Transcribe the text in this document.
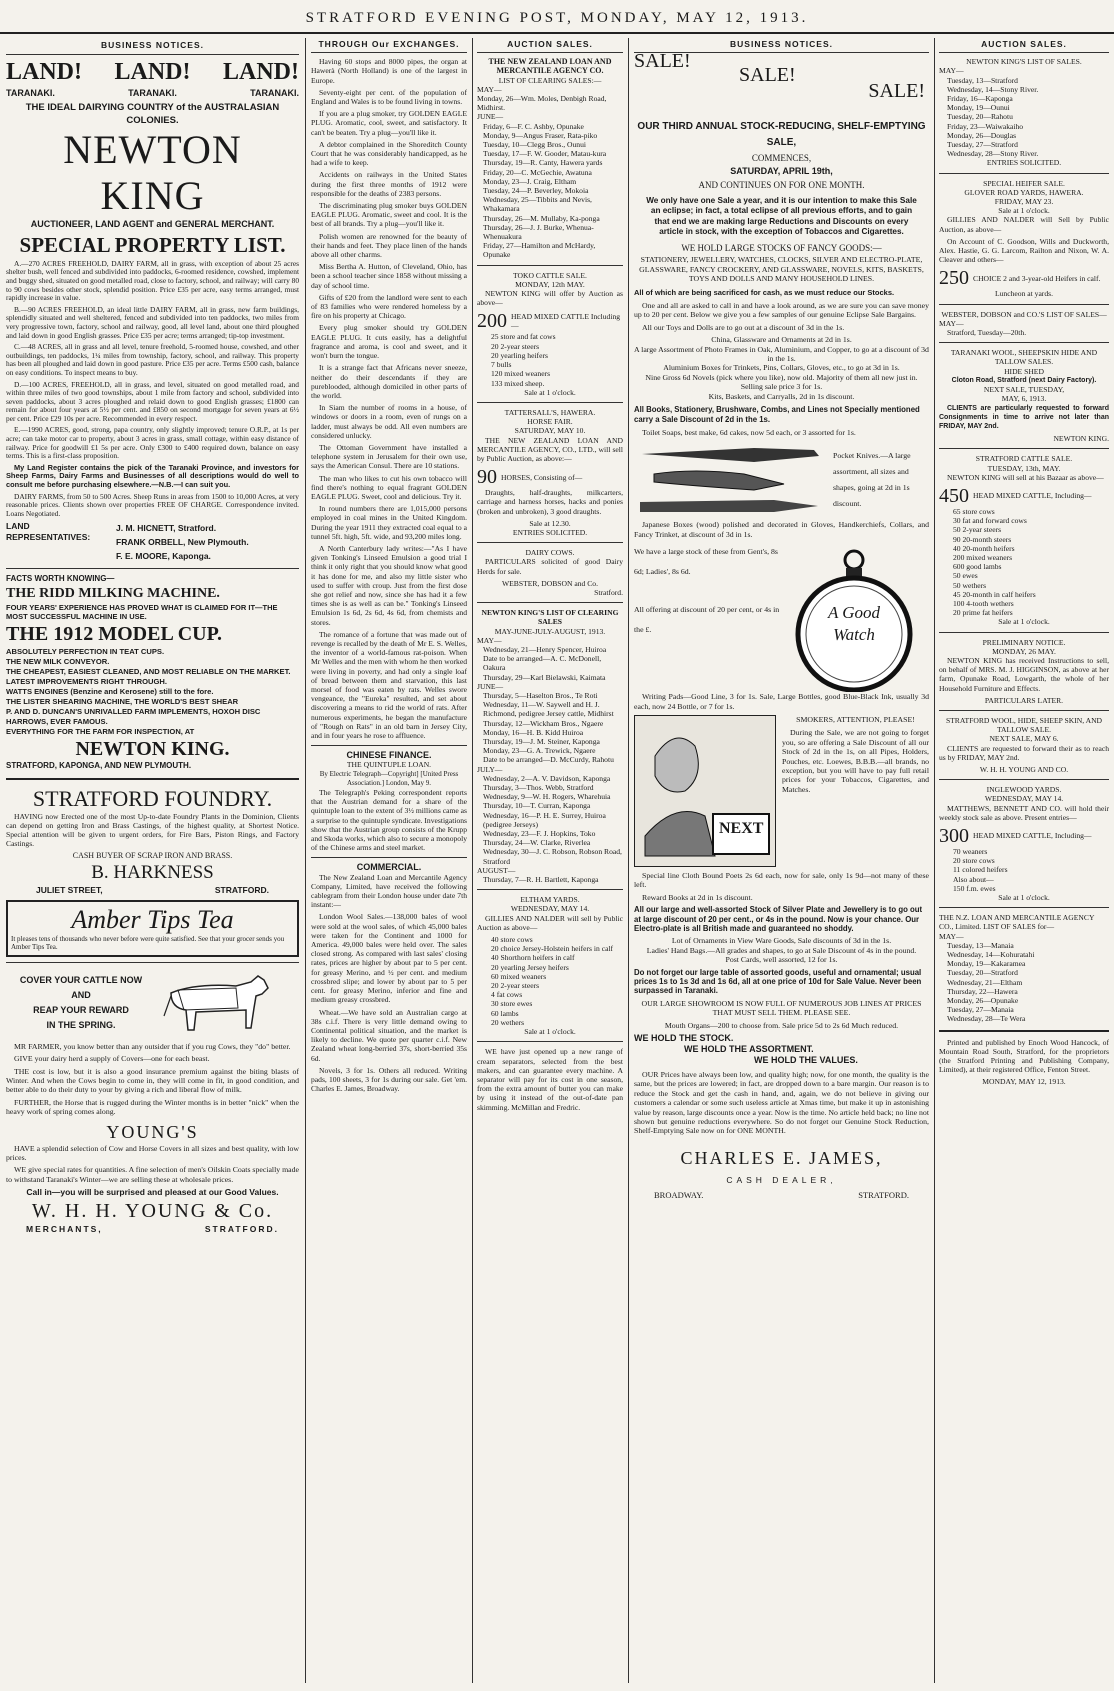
STRATFORD EVENING POST, MONDAY, MAY 12, 1913.
BUSINESS NOTICES.
LAND! LAND! LAND!
TARANAKI.	TARANAKI.	TARANAKI.
THE IDEAL DAIRYING COUNTRY of the AUSTRALASIAN COLONIES.
NEWTON KING
AUCTIONEER, LAND AGENT and GENERAL MERCHANT.
SPECIAL PROPERTY LIST.

A.—270 ACRES FREEHOLD, DAIRY FARM, all in grass, with exception of about 25 acres shelter bush, well fenced and subdivided into paddocks, 6-roomed residence, cowshed, implement and buggy shed, situated on good metalled road, close to factory, school, and railway; will carry 80 to 90 cows besides other stock, splendid position. Price £35 per acre, easy terms arranged, must rapidly increase in value.

B.—90 ACRES FREEHOLD, an ideal little DAIRY FARM, all in grass, new farm buildings, splendidly situated and well sheltered, fenced and subdivided into ten paddocks, two miles from very progressive town, factory, school and railway, good, all level land, about one third ploughed and laid down in good English grasses. Price £35 per acre; terms arranged; tip-top investment.

C.—48 ACRES, all in grass and all level, tenure freehold, 5-roomed house, cowshed, and other outbuildings, ten paddocks, 1¼ miles from township, factory, school, and railway. This property has been all ploughed and laid down in good pasture. Price £35 per acre. Terms £500 cash, balance on easy conditions. To inspect means to buy.

D.—100 ACRES, FREEHOLD, all in grass, and level, situated on good metalled road, and within three miles of two good townships, about 1 mile from factory and school, subdivided into seven paddocks, about 3 acres ploughed and relaid down to good English grasses; £1800 can remain for about four years at 5½ per cent. and £850 on second mortgage for seven years at 6½ per cent. Price £29 10s per acre. Recommended in every respect.

E.—1990 ACRES, good, strong, papa country, only slightly improved; tenure O.R.P., at 1s per acre; can take motor car to property, about 3 acres in grass, small cottage, within easy distance of railway. Price for goodwill £1 5s per acre. Only £300 to £400 required down, balance on easy terms. This is a first-class proposition.

My Land Register contains the pick of the Taranaki Province, and investors for Sheep Farms, Dairy Farms and Businesses of all descriptions would do well to consult me before purchasing elsewhere.—N.B.—I can suit you.

DAIRY FARMS, from 50 to 500 Acres. Sheep Runs in areas from 1500 to 10,000 Acres, at very reasonable prices. Clients shown over properties FREE OF CHARGE. Correspondence invited. Loans Negotiated.

LAND REPRESENTATIVES:
J. M. HICNETT, Stratford.
FRANK ORBELL, New Plymouth.
F. E. MOORE, Kaponga.
FACTS WORTH KNOWING—
THE RIDD MILKING MACHINE.
FOUR YEARS' EXPERIENCE HAS PROVED WHAT IS CLAIMED FOR IT—THE MOST SUCCESSFUL MACHINE IN USE.
THE 1912 MODEL CUP.
ABSOLUTELY PERFECTION IN TEAT CUPS.
THE NEW MILK CONVEYOR.
THE CHEAPEST, EASIEST CLEANED, AND MOST RELIABLE ON THE MARKET.
LATEST IMPROVEMENTS RIGHT THROUGH.
WATTS ENGINES (Benzine and Kerosene) still to the fore.
THE LISTER SHEARING MACHINE, THE WORLD'S BEST SHEAR
P. AND D. DUNCAN'S UNRIVALLED FARM IMPLEMENTS, HOXOH DISC HARROWS, EVER FAMOUS.
EVERYTHING FOR THE FARM FOR INSPECTION, AT
NEWTON KING.
STRATFORD, KAPONGA, AND NEW PLYMOUTH.
STRATFORD FOUNDRY.

HAVING now Erected one of the most Up-to-date Foundry Plants in the Dominion, Clients can depend on getting Iron and Brass Castings, of the highest quality, at Shortest Notice. Special attention will be given to urgent orders, for Fire Bars, Piston Rings, and Factory Castings.

CASH BUYER OF SCRAP IRON AND BRASS.
B. HARKNESS
JULIET STREET,	STRATFORD.
Amber Tips Tea
It pleases tens of thousands who never before were quite satisfied. See that your grocer sends you Amber Tips Tea.
COVER YOUR CATTLE NOW
AND
REAP YOUR REWARD
IN THE SPRING.

MR FARMER, you know better than any outsider that if you rug Cows, they "do" better.

GIVE your dairy herd a supply of Covers—one for each beast.

THE cost is low, but it is also a good insurance premium against the biting blasts of Winter. And when the Cows begin to come in, they will come in fit, in good condition, and better able to do their duty to your by giving a rich and liberal flow of milk.

FURTHER, the Horse that is rugged during the Winter months is in better "nick" when the heavy work of spring comes along.

YOUNG'S

HAVE a splendid selection of Cow and Horse Covers in all sizes and best quality, with low prices.

WE give special rates for quantities. A fine selection of men's Oilskin Coats specially made to withstand Taranaki's Winter—we are selling these at wholesale prices.

Call in—you will be surprised and pleased at our Good Values.
W. H. H. YOUNG & Co.
MERCHANTS,	STRATFORD.
THROUGH Our EXCHANGES.

Having 60 stops and 8000 pipes, the organ at Hawerà (North Holland) is one of the largest in Europe.

Seventy-eight per cent. of the population of England and Wales is to be found living in towns.

If you are a plug smoker, try GOLDEN EAGLE PLUG. Aromatic, cool, sweet, and satisfactory. It can't be beaten. Try a plug—you'll like it.

A debtor complained in the Shoreditch County Court that he was considerably handicapped, as he had a wife to keep.

Accidents on railways in the United States during the first three months of 1912 were responsible for the deaths of 2383 persons.

The discriminating plug smoker buys GOLDEN EAGLE PLUG. Aromatic, sweet and cool. It is the best of all brands. Try a plug—you'll like it.

Polish women are renowned for the beauty of their hands and feet. They place linen of the hands above all other charms.

Miss Bertha A. Hutton, of Cleveland, Ohio, has been a school teacher since 1858 without missing a day of school time.

Gifts of £20 from the landlord were sent to each of 83 families who were rendered homeless by a fire on his property at Chicago.

Every plug smoker should try GOLDEN EAGLE PLUG. It cuts easily, has a delightful fragrance and aroma, is cool and sweet, and it won't burn the tongue.

It is a strange fact that Africans never sneeze, neither do their descendants if they are pureblooded, although domiciled in other parts of the world.

In Siam the number of rooms in a house, of windows or doors in a room, even of rungs on a ladder, must always be odd. All even numbers are considered unlucky.

The Ottoman Government have installed a telephone system in Jerusalem for their own use, says the American Consul. There are 10 stations.

The man who likes to cut his own tobacco will find there's nothing to equal fragrant GOLDEN EAGLE PLUG. Sweet, cool and delicious. Try it.

In round numbers there are 1,015,000 persons employed in coal mines in the United Kingdom. During the year 1911 they extracted coal equal to a tunnel 5ft. high, 5ft. wide, and 93,200 miles long.

A North Canterbury lady writes:—"As I have given Tonking's Linseed Emulsion a good trial I think it only right that you should know what good it has done for me, and also my little sister who used to suffer with croup. Just from the first dose she got relief and now, since she has had it a few times she is as well as can be." Tonking's Linseed Emulsion 1s 6d, 2s 6d, 4s 6d, from chemists and stores.

The romance of a fortune that was made out of revenge is recalled by the death of Mr E. S. Welles, the inventor of a world-famous rat-poison. When Mr Welles and the men with whom he then worked were living in poverty, and had only a single loaf of bread between them and starvation, this last morsel of food was eaten by rats. Welles swore vengeance, the "Eureka" resulted, and set about discovering a means to rid the world of rats. After numerous experiments, he began the manufacture of "Rough on Rats" in an old barn in Jersey City, and in four years he rose to affluence.

CHINESE FINANCE.
THE QUINTUPLE LOAN.
By Electric Telegraph—Copyright] [United Press Association.] London, May 9.

The Telegraph's Peking correspondent reports that the Austrian demand for a share of the quintuple loan to the extent of 3½ millions came as a surprise to the quintuple syndicate. Investigations show that the Austrian group consists of the Krupp and Skoda works, which also to secure a monopoly of the Chinese arms and steel market.

COMMERCIAL.

The New Zealand Loan and Mercantile Agency Company, Limited, have received the following cablegram from their London house under date 7th instant:—

London Wool Sales.—138,000 bales of wool were sold at the wool sales, of which 45,000 bales were taken for the Continent and 1000 for America. 49,000 bales were held over. The sales closed strong. As compared with last sales' closing rates, prices are higher by about par to 5 per cent. for greasy Merino, and ½ per cent. and medium crossbred slipe; and lower by about par to 5 per cent. for greasy Merino, inferior and fine and medium greasy crossbred.

Wheat.—We have sold an Australian cargo at 38s c.i.f. There is very little demand owing to Continental political situation, and the market is likely to decline. We quote per quarter c.i.f. New Zealand wheat long-berried 37s, short-berried 35s 6d.

Novels, 3 for 1s. Others all reduced. Writing pads, 100 sheets, 3 for 1s during our sale. Get 'em. Charles E. James, Broadway.

AUCTION SALES.
THE NEW ZEALAND LOAN AND MERCANTILE AGENCY CO.
LIST OF CLEARING SALES:—
MAY—
Monday, 26—Wm. Moles, Denbigh Road, Midhirst.
JUNE—
Friday, 6—F. C. Ashby, Opunake
Monday, 9—Angus Fraser, Rata-piko
Tuesday, 10—Clegg Bros., Ounui
Tuesday, 17—F. W. Gooder, Matau-kura
Thursday, 19—R. Canty, Hawera yards
Friday, 20—C. McGechie, Awatuna
Monday, 23—J. Craig, Eltham
Tuesday, 24—P. Beverley, Mokoia
Wednesday, 25—Tibbits and Nevis, Whakamara
Thursday, 26—M. Mullaby, Ka-ponga
Thursday, 26—J. J. Burke, Whenua-Whenuakura
Friday, 27—Hamilton and McHardy, Opunake
TOKO CATTLE SALE.
MONDAY, 12th MAY.

NEWTON KING will offer by Auction as above—

200 HEAD MIXED CATTLE Including—
25 store and fat cows
20 2-year steers
20 yearling heifers
7 bulls
120 mixed weaners
133 mixed sheep.
Sale at 1 o'clock.
TATTERSALL'S, HAWERA.
HORSE FAIR.
SATURDAY, MAY 10.

THE NEW ZEALAND LOAN AND MERCANTILE AGENCY, CO., LTD., will sell by Public Auction, as above:—

90 HORSES, Consisting of—

Draughts, half-draughts, milkcarters, carriage and harness horses, hacks and ponies (broken and unbroken), 3 good draughts.

Sale at 12.30.
ENTRIES SOLICITED.
DAIRY COWS.

PARTICULARS solicited of good Dairy Herds for sale.

WEBSTER, DOBSON and Co.
Stratford.
NEWTON KING'S LIST OF CLEARING SALES
MAY-JUNE-JULY-AUGUST, 1913.
MAY—
Wednesday, 21—Henry Spencer, Huiroa
Date to be arranged—A. C. McDonell, Oakura
Thursday, 29—Karl Bielawski, Kaimata
JUNE—
Thursday, 5—Haselton Bros., Te Roti
Wednesday, 11—W. Saywell and H. J. Richmond, pedigree Jersey cattle, Midhirst
Thursday, 12—Wickham Bros., Ngaere
Monday, 16—H. B. Kidd Huiroa
Thursday, 19—J. M. Steiner, Kaponga
Monday, 23—G. A. Trewick, Ngaere
Date to be arranged—D. McCurdy, Rahotu
JULY—
Wednesday, 2—A. V. Davidson, Kaponga
Thursday, 3—Thos. Webb, Stratford
Wednesday, 9—W. H. Rogers, Wharehuia
Thursday, 10—T. Curran, Kaponga
Wednesday, 16—P. H. E. Surrey, Huiroa (pedigree Jerseys)
Wednesday, 23—F. J. Hopkins, Toko
Thursday, 24—W. Clarke, Riverlea
Wednesday, 30—J. C. Robson, Robson Road, Stratford
AUGUST—
Thursday, 7—R. H. Bartlett, Kaponga
ELTHAM YARDS.
WEDNESDAY, MAY 14.

GILLIES AND NALDER will sell by Public Auction as above—

40 store cows
20 choice Jersey-Holstein heifers in calf
40 Shorthorn heifers in calf
20 yearling Jersey heifers
60 mixed weaners
20 2-year steers
4 fat cows
30 store ewes
60 lambs
20 wethers
Sale at 1 o'clock.

WE have just opened up a new range of cream separators, selected from the best makers, and can guarantee every machine. A separator will pay for its cost in one season, from the extra amount of butter you can make by using it instead of the out-of-date pan skimming. McMillan and Fredric.

BUSINESS NOTICES.
SALE!
SALE!
SALE!
OUR THIRD ANNUAL STOCK-REDUCING, SHELF-EMPTYING SALE,
COMMENCES,
SATURDAY, APRIL 19th,
AND CONTINUES ON FOR ONE MONTH.
We only have one Sale a year, and it is our intention to make this Sale an eclipse; in fact, a total eclipse of all previous efforts, and to gain that end we are making large Reductions and Discounts on every article in stock, with the exception of Tobaccos and Cigarettes.
WE HOLD LARGE STOCKS OF FANCY GOODS:—
STATIONERY, JEWELLERY, WATCHES, CLOCKS, SILVER AND ELECTRO-PLATE, GLASSWARE, FANCY CROCKERY, AND GLASSWARE, NOVELS, KITS, BASKETS, TOYS AND DOLLS AND MANY HOUSEHOLD LINES.
All of which are being sacrificed for cash, as we must reduce our Stocks.

One and all are asked to call in and have a look around, as we are sure you can save money up to 20 per cent. Below we give you a few samples of our genuine Eclipse Sale Bargains.

All our Toys and Dolls are to go out at a discount of 3d in the 1s.

China, Glassware and Ornaments at 2d in 1s.
A large Assortment of Photo Frames in Oak, Aluminium, and Copper, to go at a discount of 3d in the 1s.
Aluminium Boxes for Trinkets, Pins, Collars, Gloves, etc., to go at 3d in 1s.
Nine Gross 6d Novels (pick where you like), now old. Majority of them all new just in. Selling sale price 3 for 1s.
Kits, Baskets, and Carryalls, 2d in 1s discount.
All Books, Stationery, Brushware, Combs, and Lines not Specially mentioned carry a Sale Discount of 2d in the 1s.

Toilet Soaps, best make, 6d cakes, now 5d each, or 3 assorted for 1s.

Pocket Knives.—A large assortment, all sizes and shapes, going at 2d in 1s discount.

Japanese Boxes (wood) polished and decorated in Gloves, Handkerchiefs, Collars, and Fancy Trinket, at discount of 3d in 1s.

We have a large stock of these from Gent's, 8s 6d; Ladies', 8s 6d.
All offering at discount of 20 per cent, or 4s in the £.
A Good Watch

Writing Pads—Good Line, 3 for 1s. Sale, Large Bottles, good Blue-Black Ink, usually 3d each, now 24 Bottle, or 7 for 1s.

NEXT
SMOKERS, ATTENTION, PLEASE!

During the Sale, we are not going to forget you, so are offering a Sale Discount of all our Stock of 2d in the 1s, on all Pipes, Holders, Pouches, etc. Loewes, B.B.B.—all brands, no exception, but you will have to pay full retail prices for your Tobaccos, Cigarettes, and Matches.

Special line Cloth Bound Poets 2s 6d each, now for sale, only 1s 9d—not many of these left.

Reward Books at 2d in 1s discount.

All our large and well-assorted Stock of Silver Plate and Jewellery is to go out at large discount of 20 per cent., or 4s in the pound. Now is your chance. Our Electro-plate is all British made and guaranteed no shoddy.
Lot of Ornaments in View Ware Goods, Sale discounts of 3d in the 1s.
Ladies' Hand Bags.—All grades and shapes, to go at Sale Discount of 4s in the pound.
Post Cards, well assorted, 12 for 1s.
Do not forget our large table of assorted goods, useful and ornamental; usual prices 1s to 1s 3d and 1s 6d, all at one price of 10d for Sale Value. Never been surpassed in Taranaki.
OUR LARGE SHOWROOM IS NOW FULL OF NUMEROUS JOB LINES AT PRICES THAT MUST SELL THEM. PLEASE SEE.
Mouth Organs—200 to choose from. Sale price 5d to 2s 6d Much reduced.
WE HOLD THE STOCK.
WE HOLD THE ASSORTMENT.
WE HOLD THE VALUES.

OUR Prices have always been low, and quality high; now, for one month, the quality is the same, but the prices are lowered; in fact, are dropped down to a bare margin. Our reason is to reduce the Stock and get the cash in hand, and, again, we do not believe in giving our customers a calendar or some such useless article at Xmas time, but make it up in astonishing value by reason, large discounts once a year. Now is the time. No article held back; no line not shown but genuine reductions everywhere. So do not forget our Genuine Stock Reduction, Shelf-Emptying Sale now on for ONE MONTH.

CHARLES E. JAMES,
CASH DEALER,
BROADWAY.	STRATFORD.
AUCTION SALES.
NEWTON KING'S LIST OF SALES.
MAY—
Tuesday, 13—Stratford
Wednesday, 14—Stony River.
Friday, 16—Kaponga
Monday, 19—Ounui
Tuesday, 20—Rahotu
Friday, 23—Waiwakaiho
Monday, 26—Douglas
Tuesday, 27—Stratford
Wednesday, 28—Stony River.
ENTRIES SOLICITED.
SPECIAL HEIFER SALE.
GLOVER ROAD YARDS, HAWERA.
FRIDAY, MAY 23.
Sale at 1 o'clock.

GILLIES AND NALDER will Sell by Public Auction, as above—

On Account of C. Goodson, Wills and Duckworth, Alex. Hastie, G. G. Larcom, Railton and Nixon, W. A. Cleaver and others—

250 CHOICE 2 and 3-year-old Heifers in calf.
Luncheon at yards.
WEBSTER, DOBSON and CO.'S LIST OF SALES—
MAY—
Stratford, Tuesday—20th.
TARANAKI WOOL, SHEEPSKIN HIDE AND TALLOW SALES.
HIDE SHED
Cloton Road, Stratford (next Dairy Factory).
NEXT SALE, TUESDAY,
MAY, 6, 1913.

CLIENTS are particularly requested to forward Consignments in time to arrive not later than FRIDAY, MAY 2nd.

NEWTON KING.
STRATFORD CATTLE SALE.
TUESDAY, 13th, MAY.

NEWTON KING will sell at his Bazaar as above—

450 HEAD MIXED CATTLE, Including—
65 store cows
30 fat and forward cows
50 2-year steers
90 20-month steers
40 20-month heifers
200 mixed weaners
600 good lambs
50 ewes
50 wethers
45 20-month in calf heifers
100 4-tooth wethers
20 prime fat heifers
Sale at 1 o'clock.
PRELIMINARY NOTICE.
MONDAY, 26 MAY.

NEWTON KING has received Instructions to sell, on behalf of MRS. M. J. HIGGINSON, as above at her farm, Opunake Road, Lowgarth, the whole of her Household Furniture and Effects.

PARTICULARS LATER.
STRATFORD WOOL, HIDE, SHEEP SKIN, AND TALLOW SALE.
NEXT SALE, MAY 6.

CLIENTS are requested to forward their as to reach us by FRIDAY, MAY 2nd.

W. H. H. YOUNG AND CO.
INGLEWOOD YARDS.
WEDNESDAY, MAY 14.

MATTHEWS, BENNETT AND CO. will hold their weekly stock sale as above. Present entries—

300 HEAD MIXED CATTLE, Including—
70 weaners
20 store cows
11 colored heifers
Also about—
150 f.m. ewes
Sale at 1 o'clock.
THE N.Z. LOAN AND MERCANTILE AGENCY CO., Limited. LIST OF SALES for—
MAY—
Tuesday, 13—Manaia
Wednesday, 14—Kohuratahi
Monday, 19—Kakaramea
Tuesday, 20—Stratford
Wednesday, 21—Eltham
Thursday, 22—Hawera
Monday, 26—Opunake
Tuesday, 27—Manaia
Wednesday, 28—Te Wera

Printed and published by Enoch Wood Hancock, of Mountain Road South, Stratford, for the proprietors (the Stratford Printing and Publishing Company, Limited), at their registered Office, Fenton Street.

MONDAY, MAY 12, 1913.
